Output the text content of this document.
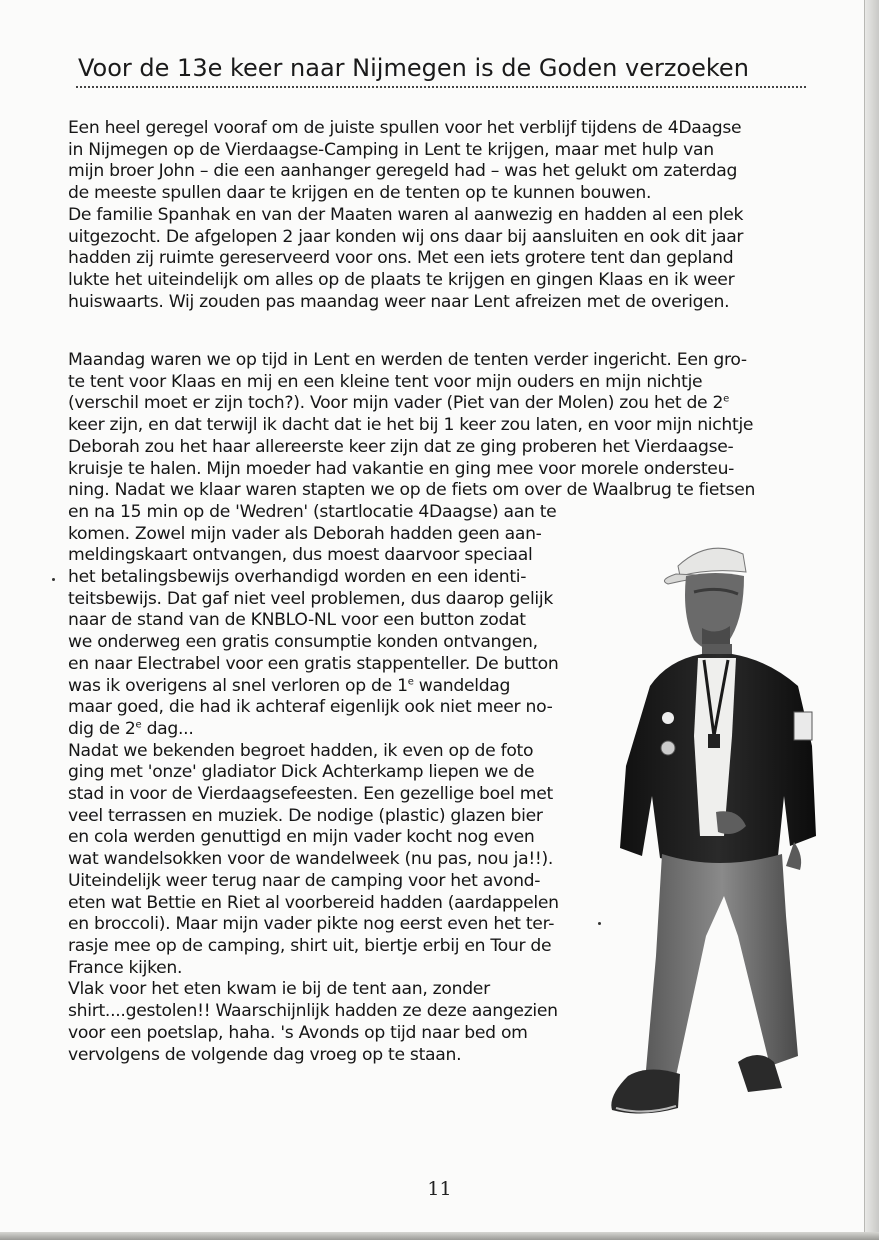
Voor de 13e keer naar Nijmegen is de Goden verzoeken
Een heel geregel vooraf om de juiste spullen voor het verblijf tijdens de 4Daagse
in Nijmegen op de Vierdaagse-Camping in Lent te krijgen, maar met hulp van
mijn broer John – die een aanhanger geregeld had – was het gelukt om zaterdag
de meeste spullen daar te krijgen en de tenten op te kunnen bouwen.
De familie Spanhak en van der Maaten waren al aanwezig en hadden al een plek
uitgezocht. De afgelopen 2 jaar konden wij ons daar bij aansluiten en ook dit jaar
hadden zij ruimte gereserveerd voor ons. Met een iets grotere tent dan gepland
lukte het uiteindelijk om alles op de plaats te krijgen en gingen Klaas en ik weer
huiswaarts. Wij zouden pas maandag weer naar Lent afreizen met de overigen.
Maandag waren we op tijd in Lent en werden de tenten verder ingericht. Een gro-
te tent voor Klaas en mij en een kleine tent voor mijn ouders en mijn nichtje
(verschil moet er zijn toch?). Voor mijn vader (Piet van der Molen) zou het de 2e
keer zijn, en dat terwijl ik dacht dat ie het bij 1 keer zou laten, en voor mijn nichtje
Deborah zou het haar allereerste keer zijn dat ze ging proberen het Vierdaagse-
kruisje te halen. Mijn moeder had vakantie en ging mee voor morele ondersteu-
ning. Nadat we klaar waren stapten we op de fiets om over de Waalbrug te fietsen
en na 15 min op de 'Wedren' (startlocatie 4Daagse) aan te
komen. Zowel mijn vader als Deborah hadden geen aan-
meldingskaart ontvangen, dus moest daarvoor speciaal
het betalingsbewijs overhandigd worden en een identi-
teitsbewijs. Dat gaf niet veel problemen, dus daarop gelijk
naar de stand van de KNBLO-NL voor een button zodat
we onderweg een gratis consumptie konden ontvangen,
en naar Electrabel voor een gratis stappenteller. De button
was ik overigens al snel verloren op de 1e wandeldag
maar goed, die had ik achteraf eigenlijk ook niet meer no-
dig de 2e dag...
Nadat we bekenden begroet hadden, ik even op de foto
ging met 'onze' gladiator Dick Achterkamp liepen we de
stad in voor de Vierdaagsefeesten. Een gezellige boel met
veel terrassen en muziek. De nodige (plastic) glazen bier
en cola werden genuttigd en mijn vader kocht nog even
wat wandelsokken voor de wandelweek (nu pas, nou ja!!).
Uiteindelijk weer terug naar de camping voor het avond-
eten wat Bettie en Riet al voorbereid hadden (aardappelen
en broccoli). Maar mijn vader pikte nog eerst even het ter-
rasje mee op de camping, shirt uit, biertje erbij en Tour de
France kijken.
Vlak voor het eten kwam ie bij de tent aan, zonder
shirt....gestolen!! Waarschijnlijk hadden ze deze aangezien
voor een poetslap, haha. 's Avonds op tijd naar bed om
vervolgens de volgende dag vroeg op te staan.
11
